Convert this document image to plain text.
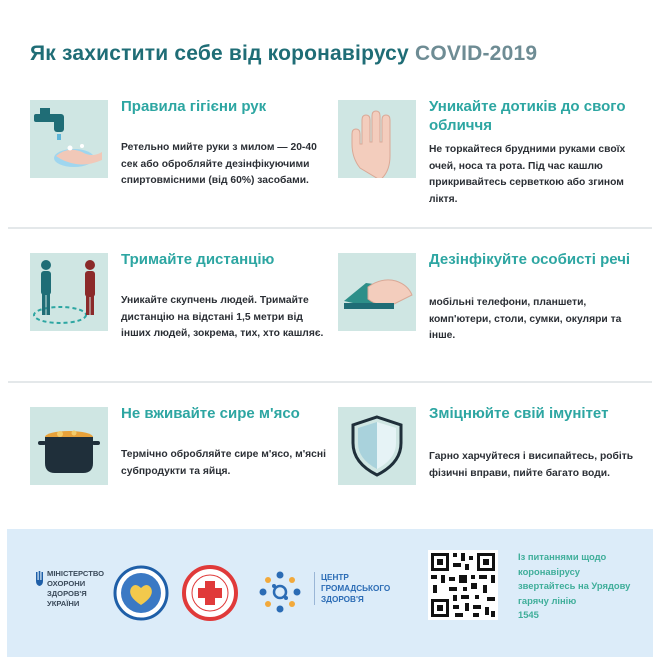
Як захистити себе від коронавірусу COVID-2019
Правила гігієни рук
Ретельно мийте руки з милом — 20-40 сек або обробляйте дезінфікуючими спиртовмісними (від 60%) засобами.
Уникайте дотиків до свого обличчя
Не торкайтеся брудними руками своїх очей, носа та рота. Під час кашлю прикривайтесь серветкою або згином ліктя.
Тримайте дистанцію
Уникайте скупчень людей. Тримайте дистанцію на відстані 1,5 метри від інших людей, зокрема, тих, хто кашляє.
Дезінфікуйте особисті речі
мобільні телефони, планшети, комп'ютери, столи, сумки, окуляри та інше.
Не вживайте сире м'ясо
Термічно обробляйте сире м'ясо, м'ясні субпродукти та яйця.
Зміцнюйте свій імунітет
Гарно харчуйтеся і висипайтесь, робіть фізичні вправи, пийте багато води.
МІНІСТЕРСТВО ОХОРОНИ ЗДОРОВ'Я УКРАЇНИ
ЦЕНТР ГРОМАДСЬКОГО ЗДОРОВ'Я
Із питаннями щодо коронавірусу звертайтесь на Урядову гарячу лінію
1545
